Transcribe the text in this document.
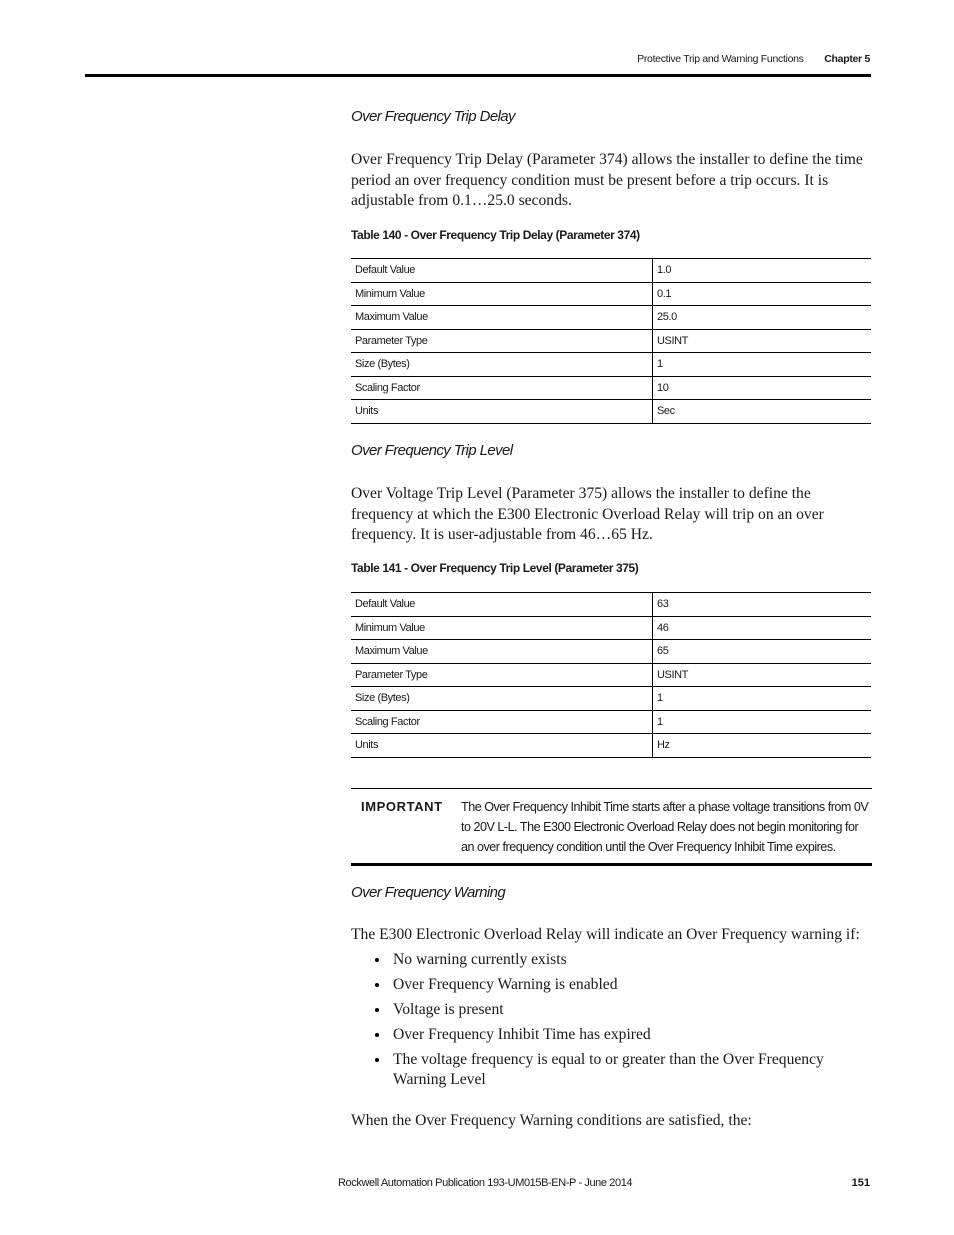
Protective Trip and Warning Functions Chapter 5
Over Frequency Trip Delay
Over Frequency Trip Delay (Parameter 374) allows the installer to define the time period an over frequency condition must be present before a trip occurs. It is adjustable from 0.1…25.0 seconds.
Table 140 - Over Frequency Trip Delay (Parameter 374)
Default Value	1.0
Minimum Value	0.1
Maximum Value	25.0
Parameter Type	USINT
Size (Bytes)	1
Scaling Factor	10
Units	Sec
Over Frequency Trip Level
Over Voltage Trip Level (Parameter 375) allows the installer to define the frequency at which the E300 Electronic Overload Relay will trip on an over frequency. It is user-adjustable from 46…65 Hz.
Table 141 - Over Frequency Trip Level (Parameter 375)
Default Value	63
Minimum Value	46
Maximum Value	65
Parameter Type	USINT
Size (Bytes)	1
Scaling Factor	1
Units	Hz
IMPORTANT The Over Frequency Inhibit Time starts after a phase voltage transitions from 0V to 20V L-L. The E300 Electronic Overload Relay does not begin monitoring for an over frequency condition until the Over Frequency Inhibit Time expires.
Over Frequency Warning
The E300 Electronic Overload Relay will indicate an Over Frequency warning if:
No warning currently exists
Over Frequency Warning is enabled
Voltage is present
Over Frequency Inhibit Time has expired
The voltage frequency is equal to or greater than the Over Frequency Warning Level
When the Over Frequency Warning conditions are satisfied, the:
Rockwell Automation Publication 193-UM015B-EN-P - June 2014	151
